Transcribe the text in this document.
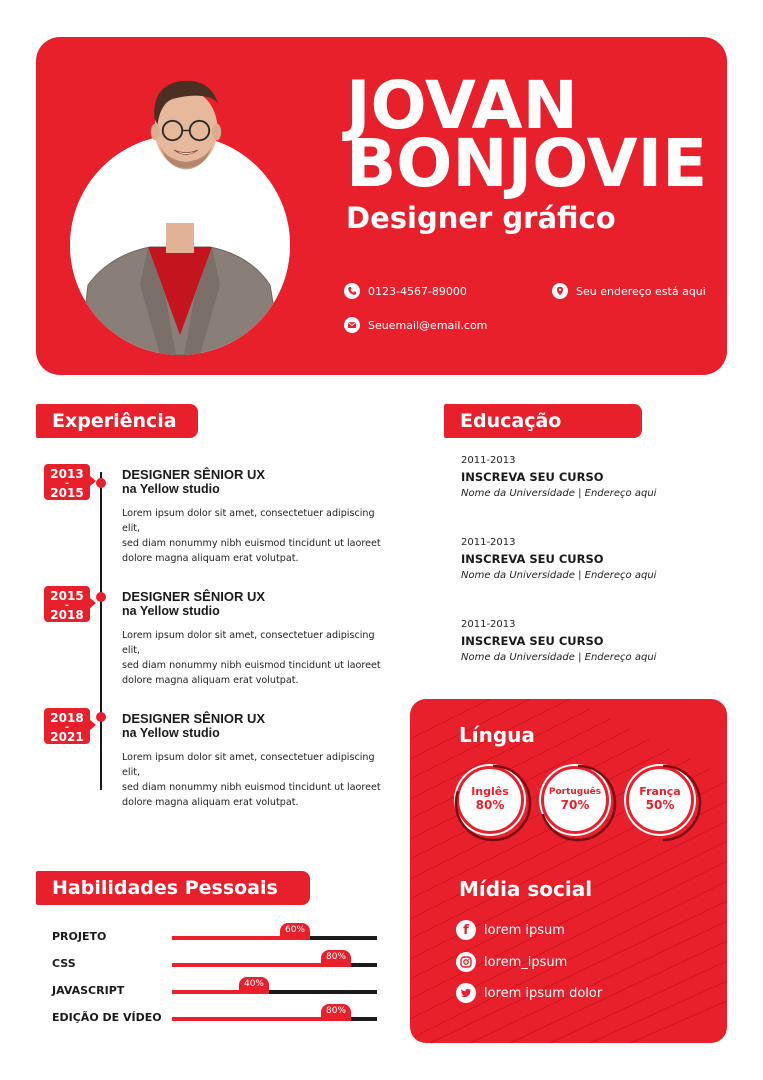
JOVAN
BONJOVIE
Designer gráfico
0123-4567-89000	Seu endereço está aqui
Seuemail@email.com
Experiência
2013
-
2015
DESIGNER SÊNIOR UX
na Yellow studio
Lorem ipsum dolor sit amet, consectetuer adipiscing elit,
sed diam nonummy nibh euismod tincidunt ut laoreet
dolore magna aliquam erat volutpat.
2015
-
2018
DESIGNER SÊNIOR UX
na Yellow studio
Lorem ipsum dolor sit amet, consectetuer adipiscing elit,
sed diam nonummy nibh euismod tincidunt ut laoreet
dolore magna aliquam erat volutpat.
2018
-
2021
DESIGNER SÊNIOR UX
na Yellow studio
Lorem ipsum dolor sit amet, consectetuer adipiscing elit,
sed diam nonummy nibh euismod tincidunt ut laoreet
dolore magna aliquam erat volutpat.
Educação
2011-2013
INSCREVA SEU CURSO
Nome da Universidade | Endereço aqui
2011-2013
INSCREVA SEU CURSO
Nome da Universidade | Endereço aqui
2011-2013
INSCREVA SEU CURSO
Nome da Universidade | Endereço aqui
Língua
Inglês
80%
Português
70%
França
50%
Mídia social
f	lorem ipsum
lorem_ipsum
lorem ipsum dolor
Habilidades Pessoais
PROJETO	60%
CSS	80%
JAVASCRIPT	40%
EDIÇÃO DE VÍDEO	80%
